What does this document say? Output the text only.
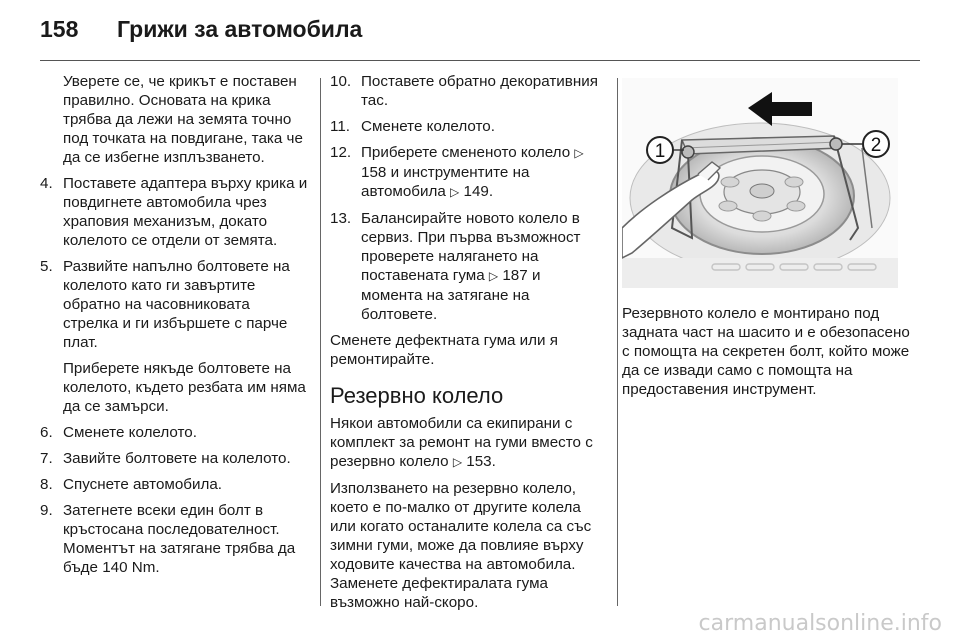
158 Грижи за автомобила

Уверете се, че крикът е поставен правилно. Основата на крика трябва да лежи на земята точно под точката на повдигане, така че да се избегне изплъзването.

4. Поставете адаптера върху крика и повдигнете автомобила чрез храповия механизъм, докато колелото се отдели от земята.
5. Развийте напълно болтовете на колелото като ги завъртите обратно на часовниковата стрелка и ги избършете с парче плат.

Приберете някъде болтовете на колелото, където резбата им няма да се замърси.

6. Сменете колелото.
7. Завийте болтовете на колелото.
8. Спуснете автомобила.
9. Затегнете всеки един болт в кръстосана последователност. Моментът на затягане трябва да бъде 140 Nm.
10. Поставете обратно декоративния тас.
11. Сменете колелото.
12. Приберете смененото колело ▷ 158 и инструментите на автомобила ▷ 149.
13. Балансирайте новото колело в сервиз. При първа възможност проверете налягането на поставената гума ▷ 187 и момента на затягане на болтовете.

Сменете дефектната гума или я ремонтирайте.

Резервно колело

Някои автомобили са екипирани с комплект за ремонт на гуми вместо с резервно колело ▷ 153.

Използването на резервно колело, което е по-малко от другите колела или когато останалите колела са със зимни гуми, може да повлияе върху ходовите качества на автомобила. Заменете дефектиралата гума възможно най-скоро.

1	2

Резервното колело е монтирано под задната част на шасито и е обезопасено с помощта на секретен болт, който може да се извади само с помощта на предоставения инструмент.

carmanualsonline.info
